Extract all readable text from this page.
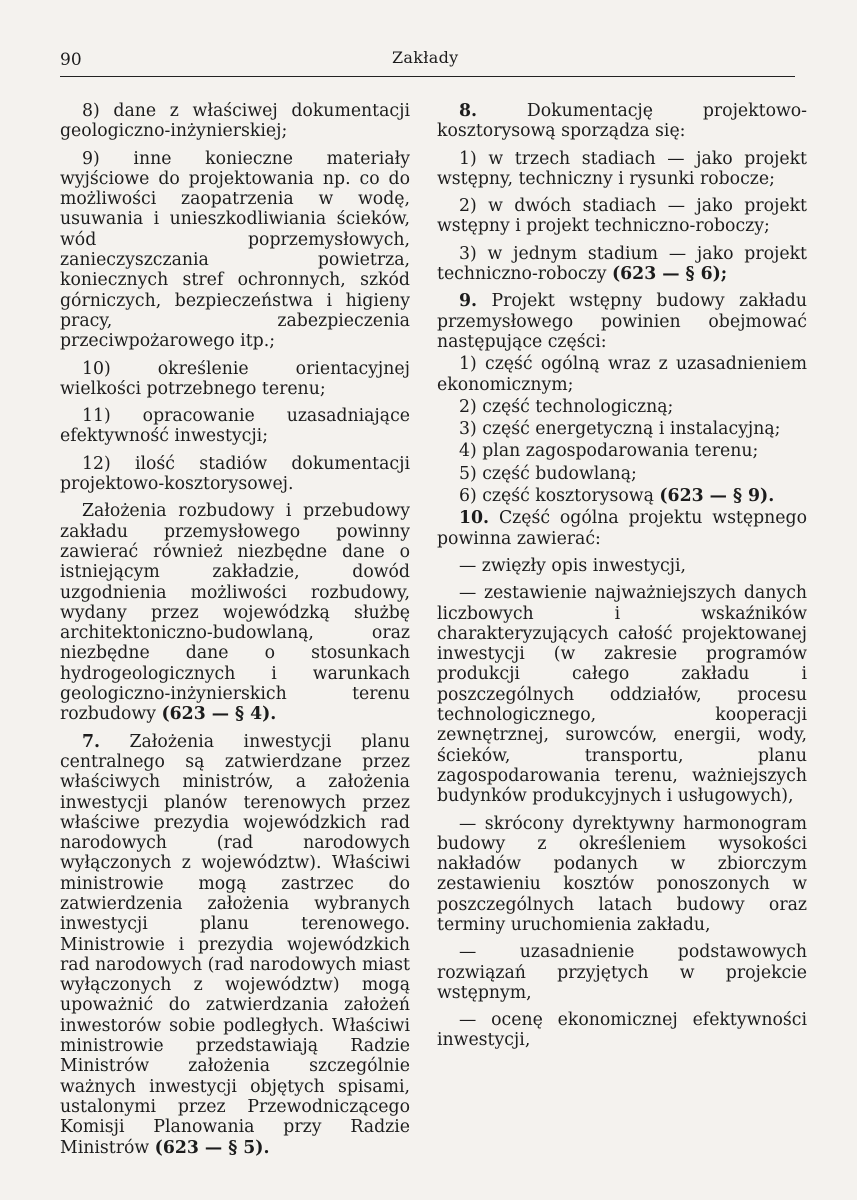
90	Zakłady

8) dane z właściwej dokumentacji geologiczno-inżynierskiej;

9) inne konieczne materiały wyjściowe do projektowania np. co do możliwości zaopatrzenia w wodę, usuwania i unieszkodliwiania ścieków, wód poprzemysłowych, zanieczyszczania powietrza, koniecznych stref ochronnych, szkód górniczych, bezpieczeństwa i higieny pracy, zabezpieczenia przeciwpożarowego itp.;

10) określenie orientacyjnej wielkości potrzebnego terenu;

11) opracowanie uzasadniające efektywność inwestycji;

12) ilość stadiów dokumentacji projektowo-kosztorysowej.

Założenia rozbudowy i przebudowy zakładu przemysłowego powinny zawierać również niezbędne dane o istniejącym zakładzie, dowód uzgodnienia możliwości rozbudowy, wydany przez wojewódzką służbę architektoniczno-budowlaną, oraz niezbędne dane o stosunkach hydrogeologicznych i warunkach geologiczno-inżynierskich terenu rozbudowy (623 — § 4).

7. Założenia inwestycji planu centralnego są zatwierdzane przez właściwych ministrów, a założenia inwestycji planów terenowych przez właściwe prezydia wojewódzkich rad narodowych (rad narodowych wyłączonych z województw). Właściwi ministrowie mogą zastrzec do zatwierdzenia założenia wybranych inwestycji planu terenowego. Ministrowie i prezydia wojewódzkich rad narodowych (rad narodowych miast wyłączonych z województw) mogą upoważnić do zatwierdzania założeń inwestorów sobie podległych. Właściwi ministrowie przedstawiają Radzie Ministrów założenia szczególnie ważnych inwestycji objętych spisami, ustalonymi przez Przewodniczącego Komisji Planowania przy Radzie Ministrów (623 — § 5).

8.	Dokumentację projektowo-kosztorysową sporządza się:

1) w trzech stadiach — jako projekt wstępny, techniczny i rysunki robocze;

2) w dwóch stadiach — jako projekt wstępny i projekt techniczno-roboczy;

3) w jednym stadium — jako projekt techniczno-roboczy (623 — § 6);

9. Projekt wstępny budowy zakładu przemysłowego powinien obejmować następujące części:

1) część ogólną wraz z uzasadnieniem ekonomicznym;

2) część technologiczną;

3) część energetyczną i instalacyjną;

4) plan zagospodarowania terenu;

5) część budowlaną;

6) część kosztorysową (623 — § 9).

10. Część ogólna projektu wstępnego powinna zawierać:

— zwięzły opis inwestycji,

— zestawienie najważniejszych danych liczbowych i wskaźników charakteryzujących całość projektowanej inwestycji (w zakresie programów produkcji całego zakładu i poszczególnych oddziałów, procesu technologicznego, kooperacji zewnętrznej, surowców, energii, wody, ścieków, transportu, planu zagospodarowania terenu, ważniejszych budynków produkcyjnych i usługowych),

— skrócony dyrektywny harmonogram budowy z określeniem wysokości nakładów podanych w zbiorczym zestawieniu kosztów ponoszonych w poszczególnych latach budowy oraz terminy uruchomienia zakładu,

— uzasadnienie podstawowych rozwiązań przyjętych w projekcie wstępnym,

— ocenę ekonomicznej efektywności inwestycji,
